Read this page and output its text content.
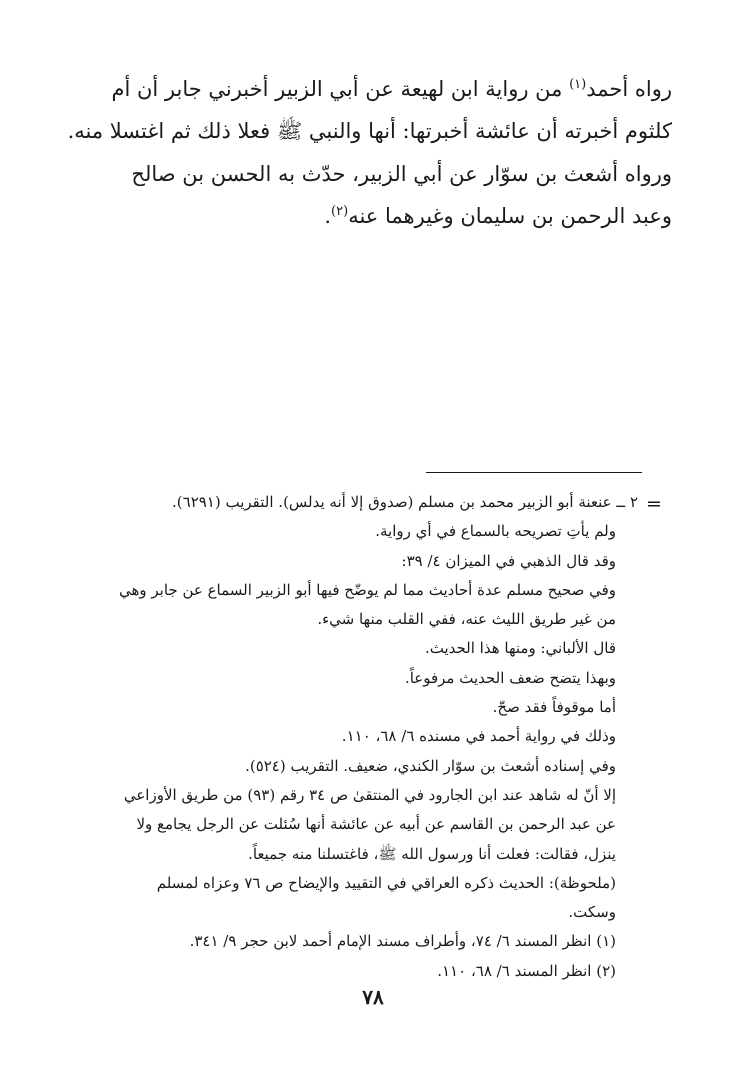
رواه أحمد$^{(١)}$ من رواية ابن لهيعة عن أبي الزبير أخبرني جابر أن أم
كلثوم أخبرته أن عائشة أخبرتها: أنها والنبي ﷺ فعلا ذلك ثم اغتسلا منه.

ورواه أشعث بن سوّار عن أبي الزبير، حدّث به الحسن بن صالح
وعبد الرحمن بن سليمان وغيرهما عنه$^{(٢)}$.

=
٢ ــ عنعنة أبو الزبير محمد بن مسلم (صدوق إلا أنه يدلس). التقريب (٦٢٩١).
ولم يأتِ تصريحه بالسماع في أي رواية.
وقد قال الذهبي في الميزان ٤/ ٣٩:
وفي صحيح مسلم عدة أحاديث مما لم يوضّح فيها أبو الزبير السماع عن جابر وهي
من غير طريق الليث عنه، ففي القلب منها شيء.
قال الألباني: ومنها هذا الحديث.
وبهذا يتضح ضعف الحديث مرفوعاً.
أما موقوفاً فقد صحّ.
وذلك في رواية أحمد في مسنده ٦/ ٦٨، ١١٠.
وفي إسناده أشعث بن سوّار الكندي، ضعيف. التقريب (٥٢٤).
إلا أنّ له شاهد عند ابن الجارود في المنتقىٰ ص ٣٤ رقم (٩٣) من طريق الأوزاعي
عن عبد الرحمن بن القاسم عن أبيه عن عائشة أنها سُئلت عن الرجل يجامع ولا
ينزل، فقالت: فعلت أنا ورسول الله ﷺ، فاغتسلنا منه جميعاً.
(ملحوظة): الحديث ذكره العراقي في التقييد والإيضاح ص ٧٦ وعزاه لمسلم
وسكت.
(١) انظر المسند ٦/ ٧٤، وأطراف مسند الإمام أحمد لابن حجر ٩/ ٣٤١.
(٢) انظر المسند ٦/ ٦٨، ١١٠.
٧٨
